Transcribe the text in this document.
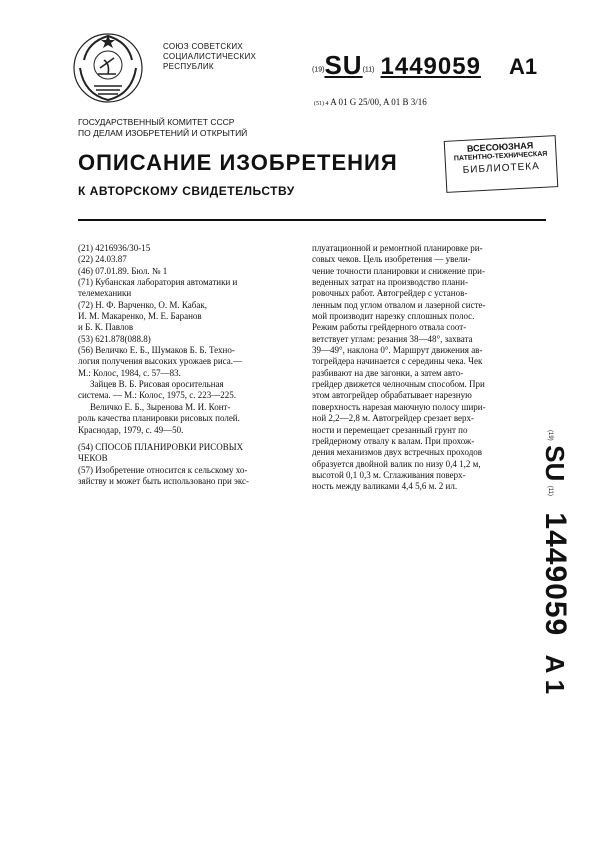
СОЮЗ СОВЕТСКИХ
СОЦИАЛИСТИЧЕСКИХ
РЕСПУБЛИК	(19)SU(11) 1449059 A1
(51) 4 A 01 G 25/00, A 01 B 3/16
ГОСУДАРСТВЕННЫЙ КОМИТЕТ СССР
ПО ДЕЛАМ ИЗОБРЕТЕНИЙ И ОТКРЫТИЙ
ВСЕСОЮЗНАЯ
ПАТЕНТНО-ТЕХНИЧЕСКАЯ
БИБЛИОТЕКА
ОПИСАНИЕ ИЗОБРЕТЕНИЯ
К АВТОРСКОМУ СВИДЕТЕЛЬСТВУ
(21) 4216936/30-15
(22) 24.03.87
(46) 07.01.89. Бюл. № 1
(71) Кубанская лаборатория автоматики и
телемеханики
(72) Н. Ф. Варченко, О. М. Кабак,
И. М. Макаренко, М. Е. Баранов
и Б. К. Павлов
(53) 621.878(088.8)
(56) Величко Е. Б., Шумаков Б. Б. Техно-
логия получения высоких урожаев риса.—
М.: Колос, 1984, с. 57—83.
Зайцев В. Б. Рисовая оросительная
система. — М.: Колос, 1975, с. 223—225.
Величко Е. Б., Зыренова М. И. Конт-
роль качества планировки рисовых полей.
Краснодар, 1979, с. 49—50.
(54) СПОСОБ ПЛАНИРОВКИ РИСОВЫХ
ЧЕКОВ
(57) Изобретение относится к сельскому хо-
зяйству и может быть использовано при экс-
плуатационной и ремонтной планировке ри-
совых чеков. Цель изобретения — увели-
чение точности планировки и снижение при-
веденных затрат на производство плани-
ровочных работ. Автогрейдер с установ-
ленным под углом отвалом и лазерной систе-
мой производит нарезку сплошных полос.
Режим работы грейдерного отвала соот-
ветствует углам: резания 38—48°, захвата
39—49°, наклона 0°. Маршрут движения ав-
тогрейдера начинается с середины чека. Чек
разбивают на две загонки, а затем авто-
грейдер движется челночным способом. При
этом автогрейдер обрабатывает нарезную
поверхность нарезая маючную полосу шири-
ной 2,2—2,8 м. Автогрейдер срезает верх-
ности и перемещает срезанный грунт по
грейдерному отвалу к валам. При прохож-
дения механизмов двух встречных проходов
образуется двойной валик по низу 0,4 1,2 м,
высотой 0,1 0,3 м. Сглаживания поверх-
ность между валиками 4,4 5,6 м. 2 ил.
(19) SU (11) 1449059 A 1
